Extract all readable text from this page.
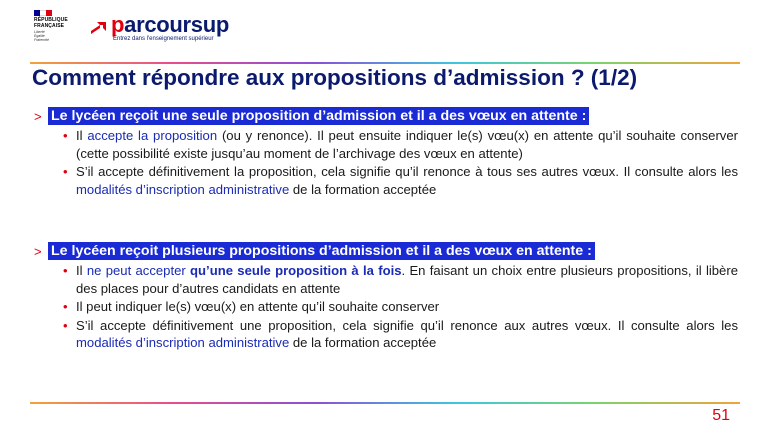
RÉPUBLIQUE
FRANÇAISE
Liberté
Égalité
Fraternité
parcoursup
Entrez dans l'enseignement supérieur
Comment répondre aux propositions d’admission ? (1/2)
> Le lycéen reçoit une seule proposition d’admission et il a des vœux en attente :
• Il accepte la proposition (ou y renonce). Il peut ensuite indiquer le(s) vœu(x) en attente qu’il souhaite conserver (cette possibilité existe jusqu’au moment de l’archivage des vœux en attente)
• S’il accepte définitivement la proposition, cela signifie qu’il renonce à tous ses autres vœux. Il consulte alors les modalités d’inscription administrative de la formation acceptée
> Le lycéen reçoit plusieurs propositions d’admission et il a des vœux en attente :
• Il ne peut accepter qu’une seule proposition à la fois. En faisant un choix entre plusieurs propositions, il libère des places pour d’autres candidats en attente
• Il peut indiquer le(s) vœu(x) en attente qu’il souhaite conserver
• S’il accepte définitivement une proposition, cela signifie qu’il renonce aux autres vœux. Il consulte alors les modalités d’inscription administrative de la formation acceptée
51
